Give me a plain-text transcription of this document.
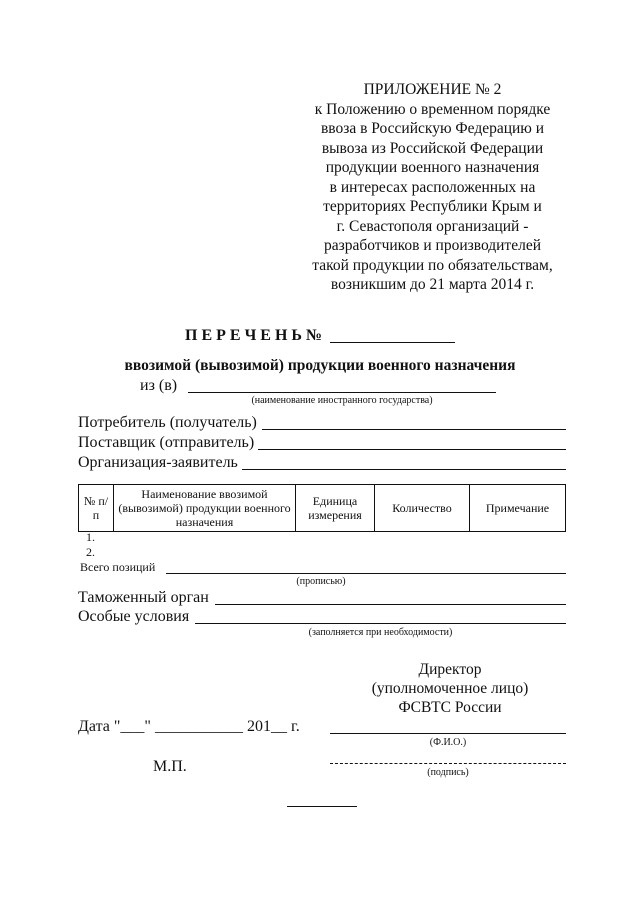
ПРИЛОЖЕНИЕ № 2
к Положению о временном порядке
ввоза в Российскую Федерацию и
вывоза из Российской Федерации
продукции военного назначения
в интересах расположенных на
территориях Республики Крым и
г. Севастополя организаций -
разработчиков и производителей
такой продукции по обязательствам,
возникшим до 21 марта 2014 г.
П Е Р Е Ч Е Н Ь №
ввозимой (вывозимой) продукции военного назначения
из (в)
(наименование иностранного государства)
Потребитель (получатель)
Поставщик (отправитель)
Организация-заявитель
№ п/п	Наименование ввозимой (вывозимой) продукции военного назначения	Единица измерения	Количество	Примечание
1.
2.
Всего позиций
(прописью)
Таможенный орган
Особые условия
(заполняется при необходимости)
Директор
(уполномоченное лицо)
ФСВТС России
Дата "___" ___________ 201__ г.
(Ф.И.О.)
М.П.	(подпись)
